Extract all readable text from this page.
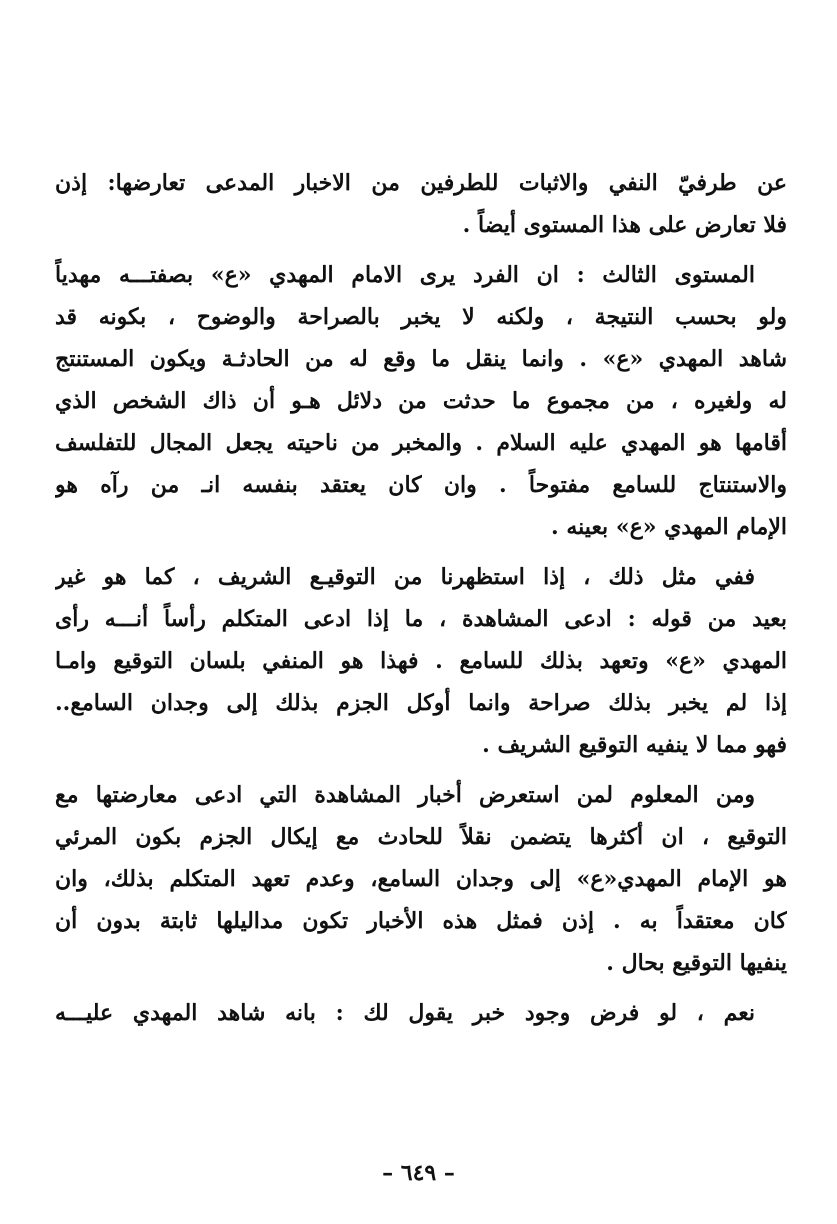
عن طرفيّ النفي والاثبات للطرفين من الاخبار المدعى تعارضها: إذن
فلا تعارض على هذا المستوى أيضاً .
المستوى الثالث : ان الفرد يرى الامام المهدي «ع» بصفتـــه مهدياً
ولو بحسب النتيجة ، ولكنه لا يخبر بالصراحة والوضوح ، بكونه قد
شاهد المهدي «ع» . وانما ينقل ما وقع له من الحادثـة ويكون المستنتج
له ولغيره ، من مجموع ما حدثت من دلائل هـو أن ذاك الشخص الذي
أقامها هو المهدي عليه السلام . والمخبر من ناحيته يجعل المجال للتفلسف
والاستنتاج للسامع مفتوحاً . وان كان يعتقد بنفسه انـ من رآه هو
الإمام المهدي «ع» بعينه .
ففي مثل ذلك ، إذا استظهرنا من التوقيـع الشريف ، كما هو غير
بعيد من قوله : ادعى المشاهدة ، ما إذا ادعى المتكلم رأساً أنـــه رأى
المهدي «ع» وتعهد بذلك للسامع . فهذا هو المنفي بلسان التوقيع وامـا
إذا لم يخبر بذلك صراحة وانما أوكل الجزم بذلك إلى وجدان السامع..
فهو مما لا ينفيه التوقيع الشريف .
ومن المعلوم لمن استعرض أخبار المشاهدة التي ادعى معارضتها مع
التوقيع ، ان أكثرها يتضمن نقلاً للحادث مع إيكال الجزم بكون المرئي
هو الإمام المهدي«ع» إلى وجدان السامع، وعدم تعهد المتكلم بذلك، وان
كان معتقداً به . إذن فمثل هذه الأخبار تكون مداليلها ثابتة بدون أن
ينفيها التوقيع بحال .
نعم ، لو فرض وجود خبر يقول لك : بانه شاهد المهدي عليـــه
– ٦٤٩ –
